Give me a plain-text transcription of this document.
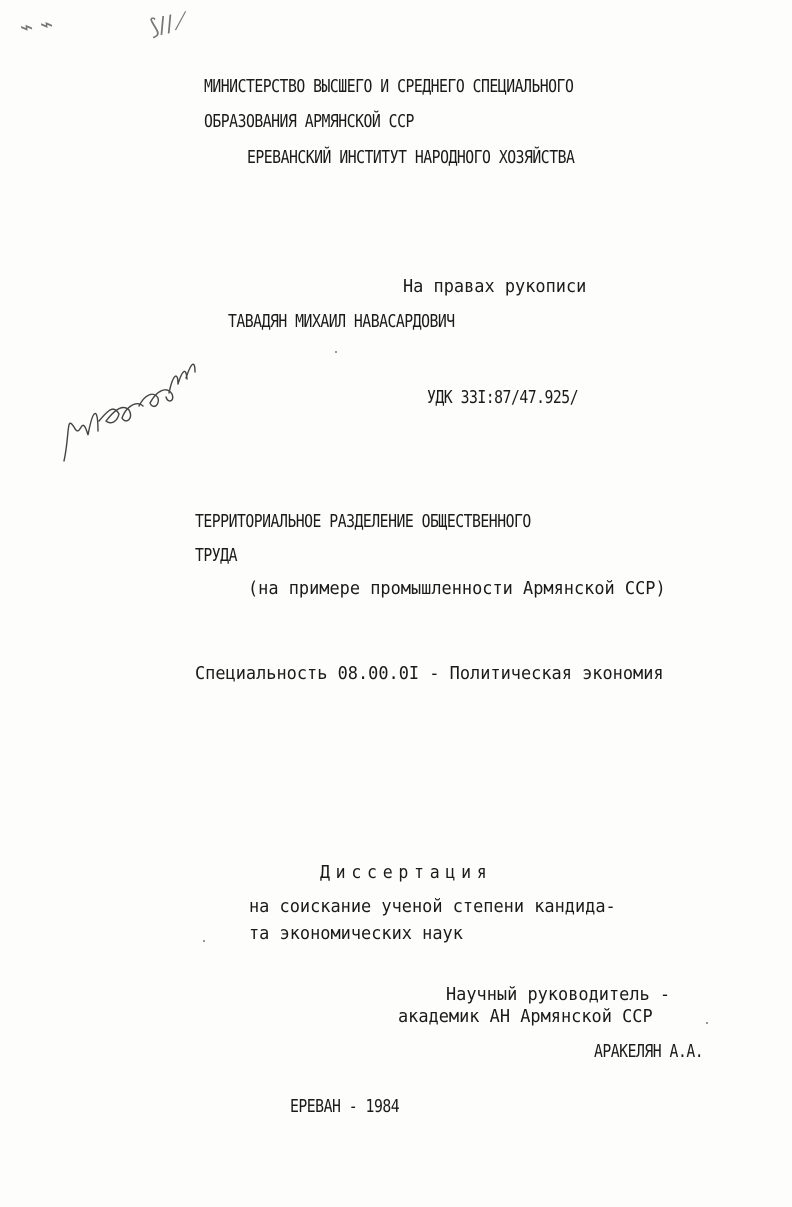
⌁ ⌁	⟆∕∕⟋
МИНИСТЕРСТВО ВЫСШЕГО И СРЕДНЕГО СПЕЦИАЛЬНОГО
ОБРАЗОВАНИЯ АРМЯНСКОЙ ССР
ЕРЕВАНСКИЙ ИНСТИТУТ НАРОДНОГО ХОЗЯЙСТВА
На правах рукописи
ТАВАДЯН МИХАИЛ НАВАСАРДОВИЧ
УДК 33I:87/47.925/
ТЕРРИТОРИАЛЬНОЕ РАЗДЕЛЕНИЕ ОБЩЕСТВЕННОГО
ТРУДА
(на примере промышленности Армянской ССР)
Специальность 08.00.0I - Политическая экономия
Диссертация
на соискание ученой степени кандида-
та экономических наук
Научный руководитель -
академик АН Армянской ССР
АРАКЕЛЯН А.А.
ЕРЕВАН - 1984
